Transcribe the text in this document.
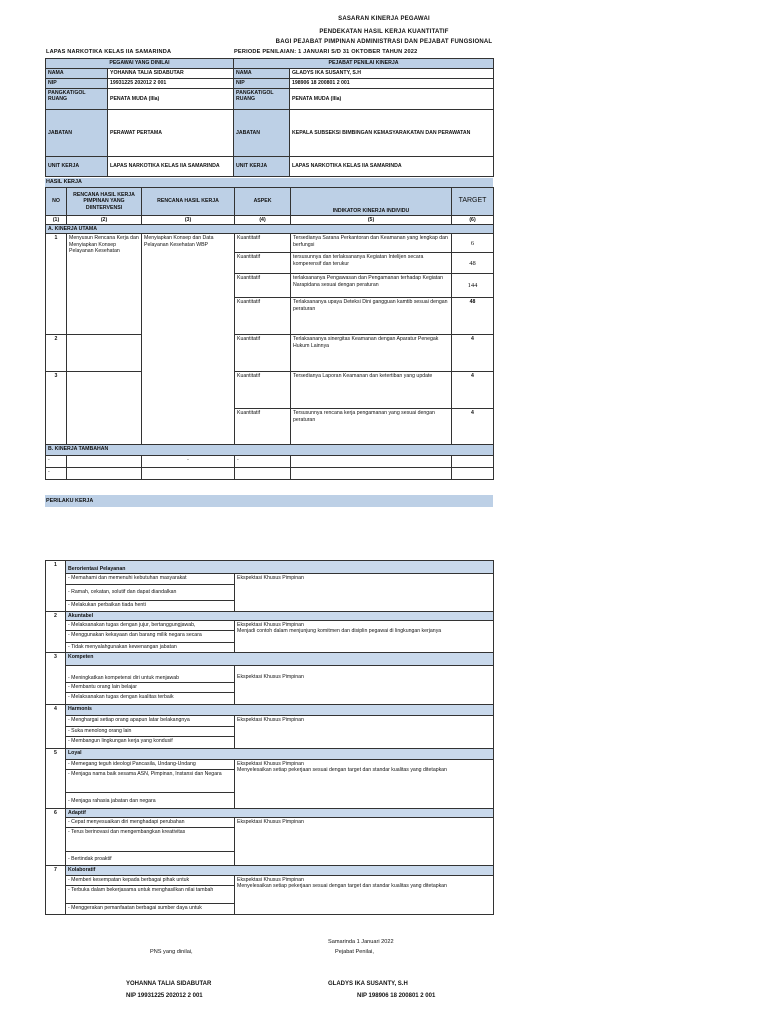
SASARAN KINERJA PEGAWAI
PENDEKATAN HASIL KERJA KUANTITATIF
BAGI PEJABAT PIMPINAN ADMINISTRASI DAN PEJABAT FUNGSIONAL
LAPAS NARKOTIKA KELAS IIA SAMARINDA	PERIODE PENILAIAN: 1 JANUARI S/D 31 OKTOBER TAHUN 2022
PEGAWAI YANG DINILAI		PEJABAT PENILAI KINERJA	
NAMA	YOHANNA TALIA SIDABUTAR	NAMA	GLADYS IKA SUSANTY, S.H
NIP	19931225 202012 2 001	NIP	198906 18 200801 2 001
PANGKAT/GOL RUANG	PENATA MUDA (IIIa)	PANGKAT/GOL RUANG	PENATA MUDA (IIIa)
JABATAN	PERAWAT PERTAMA	JABATAN	KEPALA SUBSEKSI BIMBINGAN KEMASYARAKATAN DAN PERAWATAN
UNIT KERJA	LAPAS NARKOTIKA KELAS IIA SAMARINDA	UNIT KERJA	LAPAS NARKOTIKA KELAS IIA SAMARINDA
HASIL KERJA
NO	RENCANA HASIL KERJA PIMPINAN YANG DIINTERVENSI	RENCANA HASIL KERJA	ASPEK	INDIKATOR KINERJA INDIVIDU	TARGET
(1)	(2)	(3)	(4)	(5)	(6)
A. KINERJA UTAMA					
1	Menyusun Rencana Kerja dan Menyiapkan Konsep Pelayanan Kesehatan	Menyiapkan Konsep dan Data Pelayanan Kesehatan WBP	Kuantitatif	Tersedianya Sarana Perkantoran dan Keamanan yang lengkap dan berfungsi	6
			Kuantitatif	tersusunnya dan terlaksananya Kegiatan Intelijen secara komperensif dan terukur	48
			Kuantitatif	terlaksananya Pengawasan dan Pengamanan terhadap Kegiatan Narapidana sesuai dengan peraturan	144
			Kuantitatif	Terlaksananya upaya Deteksi Dini gangguan kamtib sesuai dengan peraturan	48
2			Kuantitatif	Terlaksananya sinergitas Keamanan dengan Aparatur Penegak Hukum Lainnya	4
3			Kuantitatif	Tersedianya Laporan Keamanan dan ketertiban yang update	4
			Kuantitatif	Tersusunnya rencana kerja pengamanan yang sesuai dengan peraturan	4
B. KINERJA TAMBAHAN					
-		-	-		
-					
PERILAKU KERJA
1	Berorientasi Pelayanan	
	- Memahami dan memenuhi kebutuhan masyarakat	Ekspektasi Khusus Pimpinan
	- Ramah, cekatan, solutif dan dapat diandalkan	
	- Melakukan perbaikan tiada henti	
2	Akuntabel	
	- Melaksanakan tugas dengan jujur, bertanggungjawab,	Ekspektasi Khusus Pimpinan
Menjadi contoh dalam menjunjung komitmen dan disiplin pegawai di lingkungan kerjanya

	- Menggunakan kekayaan dan barang milik negara secara	
	- Tidak menyalahgunakan kewenangan jabatan	
3	Kompeten	
	- Meningkatkan kompetensi diri untuk menjawab	Ekspektasi Khusus Pimpinan
	- Membantu orang lain belajar	
	- Melaksanakan tugas dengan kualitas terbaik	
4	Harmonis	
	- Menghargai setiap orang apapun latar belakangnya	Ekspektasi Khusus Pimpinan
	- Suka menolong orang lain	
	- Membangun lingkungan kerja yang kondusif	
5	Loyal	
	- Memegang teguh ideologi Pancasila, Undang-Undang	Ekspektasi Khusus Pimpinan
Menyelesaikan setiap pekerjaan sesuai dengan target dan standar kualitas yang ditetapkan

	- Menjaga nama baik sesama ASN, Pimpinan, Instansi dan Negara	
	- Menjaga rahasia jabatan dan negara	
6	Adaptif	
	- Cepat menyesuaikan diri menghadapi perubahan	Ekspektasi Khusus Pimpinan
	- Terus berinovasi dan mengembangkan kreativitas	
	- Bertindak proaktif	
7	Kolaboratif	
	- Memberi kesempatan kepada berbagai pihak untuk	Ekspektasi Khusus Pimpinan
Menyelesaikan setiap pekerjaan sesuai dengan target dan standar kualitas yang ditetapkan

	- Terbuka dalam bekerjasama untuk menghasilkan nilai tambah	
	- Menggerakan pemanfaatan berbagai sumber daya untuk	
Samarinda 1 Januari 2022
PNS yang dinilai,	Pejabat Penilai,
YOHANNA TALIA SIDABUTAR
NIP 19931225 202012 2 001
GLADYS IKA SUSANTY, S.H
NIP 198906 18 200801 2 001
